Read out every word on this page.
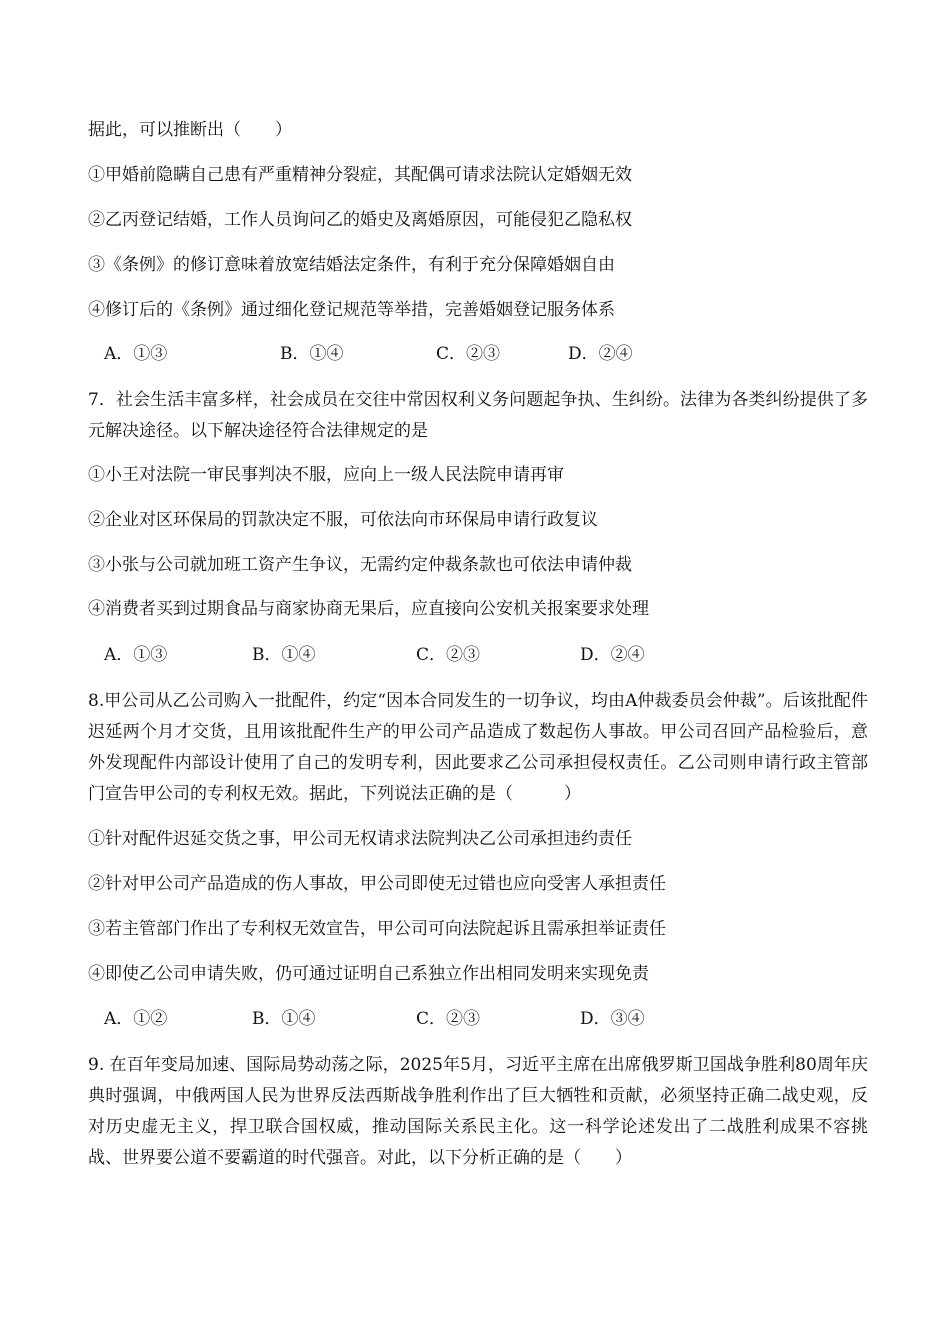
据此，可以推断出（　　）
①甲婚前隐瞒自己患有严重精神分裂症，其配偶可请求法院认定婚姻无效
②乙丙登记结婚，工作人员询问乙的婚史及离婚原因，可能侵犯乙隐私权
③《条例》的修订意味着放宽结婚法定条件，有利于充分保障婚姻自由
④修订后的《条例》通过细化登记规范等举措，完善婚姻登记服务体系
A．①③	B．①④	C．②③	D．②④
7．社会生活丰富多样，社会成员在交往中常因权利义务问题起争执、生纠纷。法律为各类纠纷提供了多元解决途径。以下解决途径符合法律规定的是
①小王对法院一审民事判决不服，应向上一级人民法院申请再审
②企业对区环保局的罚款决定不服，可依法向市环保局申请行政复议
③小张与公司就加班工资产生争议，无需约定仲裁条款也可依法申请仲裁
④消费者买到过期食品与商家协商无果后，应直接向公安机关报案要求处理
A．①③	B．①④	C．②③	D．②④
8.甲公司从乙公司购入一批配件，约定“因本合同发生的一切争议，均由A仲裁委员会仲裁”。后该批配件迟延两个月才交货，且用该批配件生产的甲公司产品造成了数起伤人事故。甲公司召回产品检验后，意外发现配件内部设计使用了自己的发明专利，因此要求乙公司承担侵权责任。乙公司则申请行政主管部门宣告甲公司的专利权无效。据此，下列说法正确的是（　　　）
①针对配件迟延交货之事，甲公司无权请求法院判决乙公司承担违约责任
②针对甲公司产品造成的伤人事故，甲公司即使无过错也应向受害人承担责任
③若主管部门作出了专利权无效宣告，甲公司可向法院起诉且需承担举证责任
④即使乙公司申请失败，仍可通过证明自己系独立作出相同发明来实现免责
A．①②	B．①④	C．②③	D．③④
9. 在百年变局加速、国际局势动荡之际，2025年5月，习近平主席在出席俄罗斯卫国战争胜利80周年庆典时强调，中俄两国人民为世界反法西斯战争胜利作出了巨大牺牲和贡献，必须坚持正确二战史观，反对历史虚无主义，捍卫联合国权威，推动国际关系民主化。这一科学论述发出了二战胜利成果不容挑战、世界要公道不要霸道的时代强音。对此，以下分析正确的是（　　）
